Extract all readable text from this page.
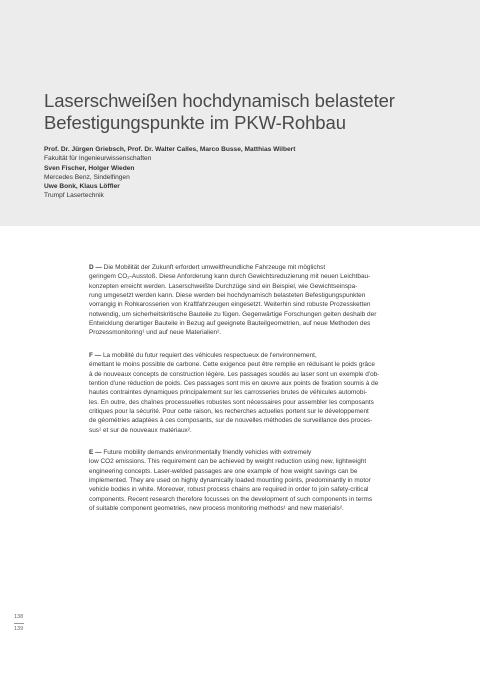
Laserschweißen hochdynamisch belasteter
Befestigungspunkte im PKW-Rohbau
Prof. Dr. Jürgen Griebsch, Prof. Dr. Walter Calles, Marco Busse, Matthias Wilbert
Fakultät für Ingenieurwissenschaften
Sven Fischer, Holger Wieden
Mercedes Benz, Sindelfingen
Uwe Bonk, Klaus Löffler
Trumpf Lasertechnik
D — Die Mobilität der Zukunft erfordert umweltfreundliche Fahrzeuge mit möglichst
geringem CO₂-Ausstoß. Diese Anforderung kann durch Gewichtsreduzierung mit neuen Leichtbau-
konzepten erreicht werden. Laserschweißte Durchzüge sind ein Beispiel, wie Gewichtseinspa-
rung umgesetzt werden kann. Diese werden bei hochdynamisch belasteten Befestigungspunkten
vorrangig in Rohkarosserien von Kraftfahrzeugen eingesetzt. Weiterhin sind robuste Prozessketten
notwendig, um sicherheitskritische Bauteile zu fügen. Gegenwärtige Forschungen gelten deshalb der
Entwicklung derartiger Bauteile in Bezug auf geeignete Bauteilgeometrien, auf neue Methoden des
Prozessmonitoring¹ und auf neue Materialien².
F — La mobilité du futur requiert des véhicules respectueux de l'environnement,
émettant le moins possible de carbone. Cette exigence peut être remplie en réduisant le poids grâce
à de nouveaux concepts de construction légère. Les passages soudés au laser sont un exemple d'ob-
tention d'une réduction de poids. Ces passages sont mis en œuvre aux points de fixation soumis à de
hautes contraintes dynamiques principalement sur les carrosseries brutes de véhicules automobi-
les. En outre, des chaînes processuelles robustes sont nécessaires pour assembler les composants
critiques pour la sécurité. Pour cette raison, les recherches actuelles portent sur le développement
de géométries adaptées à ces composants, sur de nouvelles méthodes de surveillance des proces-
sus¹ et sur de nouveaux matériaux².
E — Future mobility demands environmentally friendly vehicles with extremely
low CO2 emissions. This requirement can be achieved by weight reduction using new, lightweight
engineering concepts. Laser-welded passages are one example of how weight savings can be
implemented. They are used on highly dynamically loaded mounting points, predominantly in motor
vehicle bodies in white. Moreover, robust process chains are required in order to join safety-critical
components. Recent research therefore focusses on the development of such components in terms
of suitable component geometries, new process monitoring methods¹ and new materials².
138
139
